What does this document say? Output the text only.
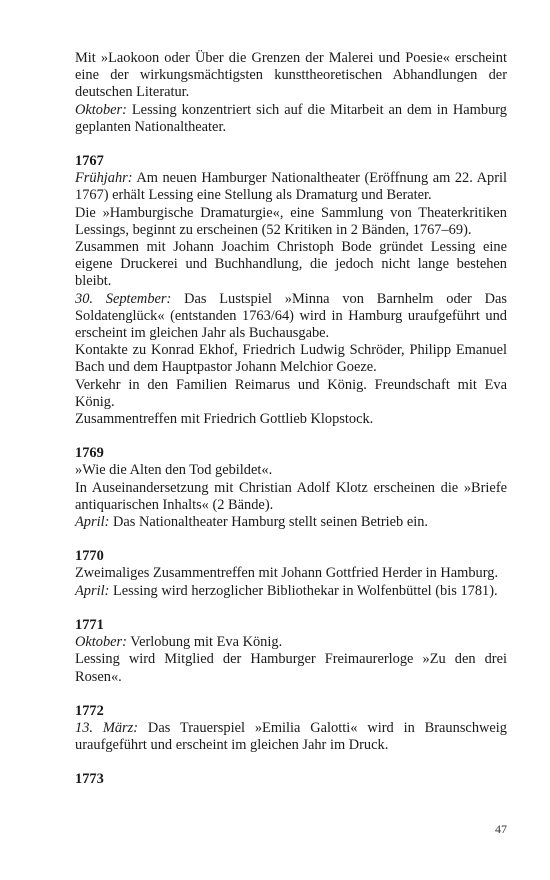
Mit »Laokoon oder Über die Grenzen der Malerei und Poesie« erscheint eine der wirkungsmächtigsten kunsttheoretischen Abhandlungen der deutschen Literatur.

Oktober: Lessing konzentriert sich auf die Mitarbeit an dem in Hamburg geplanten Nationaltheater.

1767

Frühjahr: Am neuen Hamburger Nationaltheater (Eröffnung am 22. April 1767) erhält Lessing eine Stellung als Dramaturg und Berater.

Die »Hamburgische Dramaturgie«, eine Sammlung von Theaterkritiken Lessings, beginnt zu erscheinen (52 Kritiken in 2 Bänden, 1767–69).

Zusammen mit Johann Joachim Christoph Bode gründet Lessing eine eigene Druckerei und Buchhandlung, die jedoch nicht lange bestehen bleibt.

30. September: Das Lustspiel »Minna von Barnhelm oder Das Soldatenglück« (entstanden 1763/64) wird in Hamburg uraufgeführt und erscheint im gleichen Jahr als Buchausgabe.

Kontakte zu Konrad Ekhof, Friedrich Ludwig Schröder, Philipp Emanuel Bach und dem Hauptpastor Johann Melchior Goeze.

Verkehr in den Familien Reimarus und König. Freundschaft mit Eva König.

Zusammentreffen mit Friedrich Gottlieb Klopstock.

1769

»Wie die Alten den Tod gebildet«.

In Auseinandersetzung mit Christian Adolf Klotz erscheinen die »Briefe antiquarischen Inhalts« (2 Bände).

April: Das Nationaltheater Hamburg stellt seinen Betrieb ein.

1770

Zweimaliges Zusammentreffen mit Johann Gottfried Herder in Hamburg.

April: Lessing wird herzoglicher Bibliothekar in Wolfenbüttel (bis 1781).

1771

Oktober: Verlobung mit Eva König.

Lessing wird Mitglied der Hamburger Freimaurerloge »Zu den drei Rosen«.

1772

13. März: Das Trauerspiel »Emilia Galotti« wird in Braunschweig uraufgeführt und erscheint im gleichen Jahr im Druck.

1773
47
